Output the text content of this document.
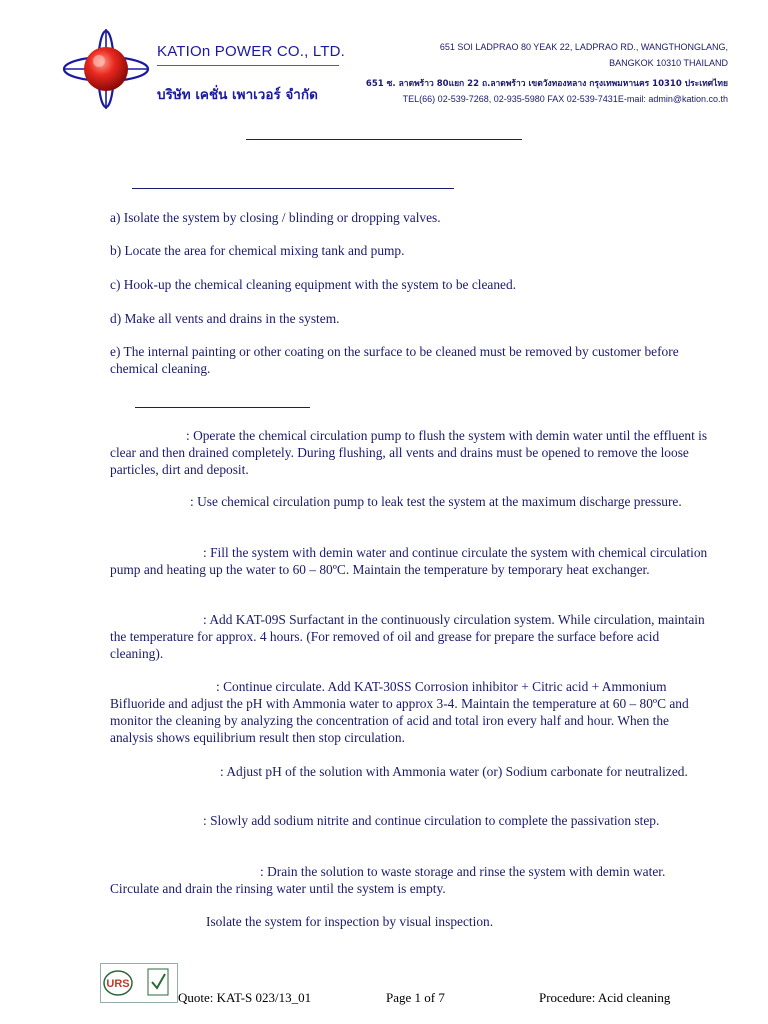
KATIOn POWER CO., LTD.
บริษัท เคชั่น เพาเวอร์ จำกัด
651 SOI LADPRAO 80 YEAK 22, LADPRAO RD., WANGTHONGLANG,
BANGKOK 10310 THAILAND
651 ซ. ลาดพร้าว 80แยก 22 ถ.ลาดพร้าว เขตวังทองหลาง กรุงเทพมหานคร 10310 ประเทศไทย
TEL(66) 02-539-7268, 02-935-5980 FAX 02-539-7431E-mail: admin@kation.co.th
a) Isolate the system by closing / blinding or dropping valves.
b) Locate the area for chemical mixing tank and pump.
c) Hook-up the chemical cleaning equipment with the system to be cleaned.
d) Make all vents and drains in the system.
e) The internal painting or other coating on the surface to be cleaned must be removed by customer before chemical cleaning.
: Operate the chemical circulation pump to flush the system with demin water until the effluent is clear and then drained completely. During flushing, all vents and drains must be opened to remove the loose particles, dirt and deposit.
: Use chemical circulation pump to leak test the system at the maximum discharge pressure.
: Fill the system with demin water and continue circulate the system with chemical circulation pump and heating up the water to 60 – 80ºC. Maintain the temperature by temporary heat exchanger.
: Add KAT-09S Surfactant in the continuously circulation system. While circulation, maintain the temperature for approx. 4 hours. (For removed of oil and grease for prepare the surface before acid cleaning).
: Continue circulate. Add KAT-30SS Corrosion inhibitor + Citric acid + Ammonium Bifluoride and adjust the pH with Ammonia water to approx 3-4. Maintain the temperature at 60 – 80ºC and monitor the cleaning by analyzing the concentration of acid and total iron every half and hour. When the analysis shows equilibrium result then stop circulation.
: Adjust pH of the solution with Ammonia water (or) Sodium carbonate for neutralized.
: Slowly add sodium nitrite and continue circulation to complete the passivation step.
: Drain the solution to waste storage and rinse the system with demin water. Circulate and drain the rinsing water until the system is empty.
Isolate the system for inspection by visual inspection.
URS
Quote: KAT-S 023/13_01	Page 1 of 7	Procedure: Acid cleaning
